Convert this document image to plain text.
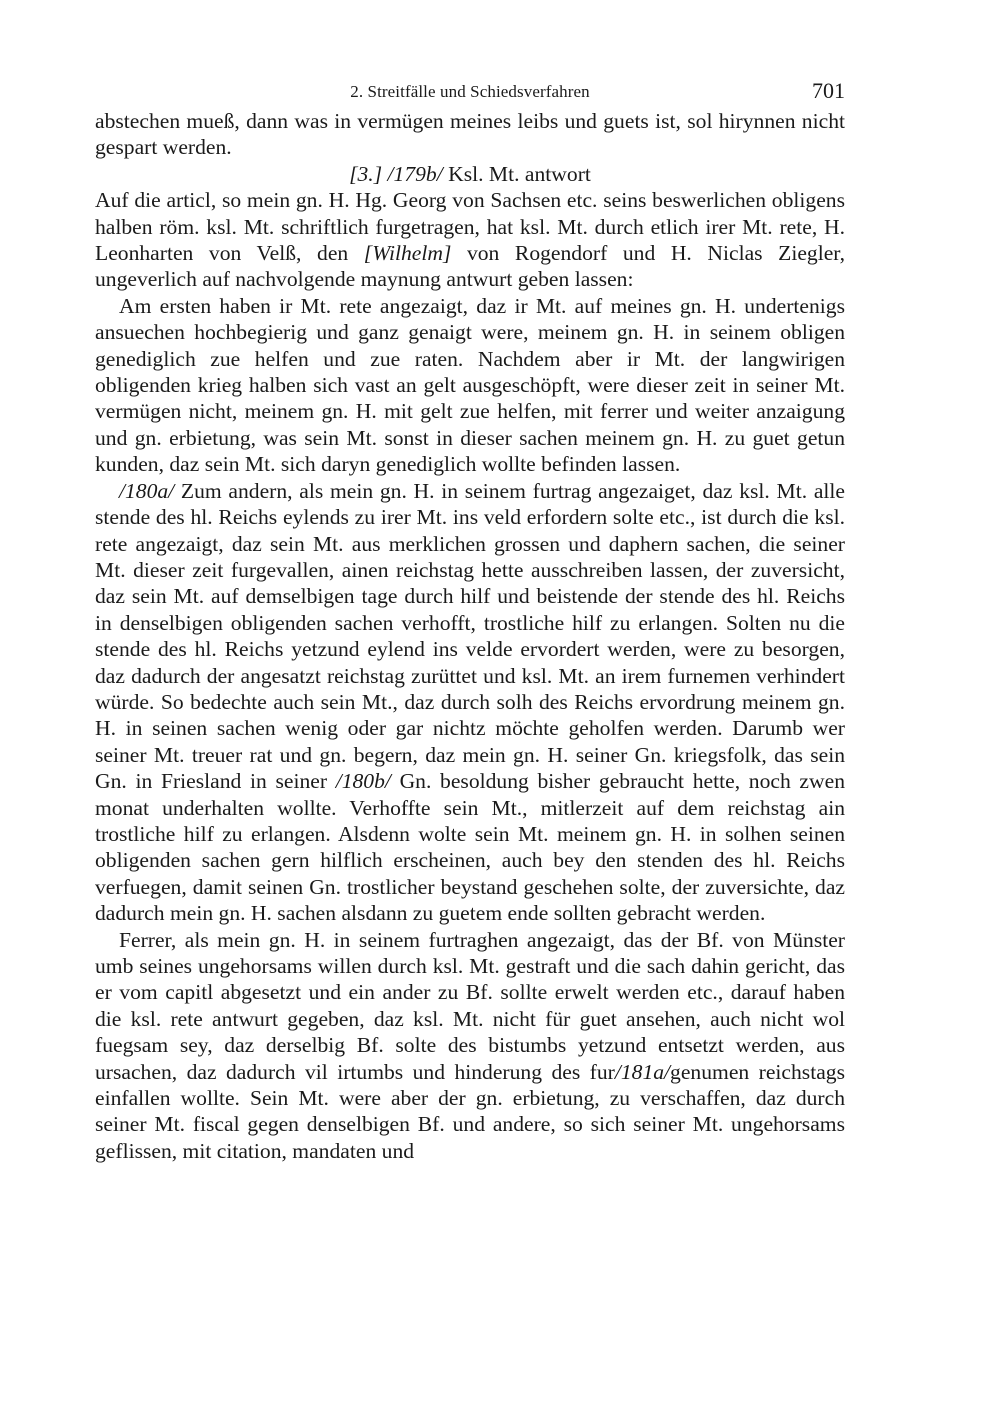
2. Streitfälle und Schiedsverfahren	701

abstechen mueß, dann was in vermügen meines leibs und guets ist, sol hirynnen nicht gespart werden.

[3.] /179b/ Ksl. Mt. antwort

Auf die articl, so mein gn. H. Hg. Georg von Sachsen etc. seins beswerlichen obligens halben röm. ksl. Mt. schriftlich furgetragen, hat ksl. Mt. durch etlich irer Mt. rete, H. Leonharten von Velß, den [Wilhelm] von Rogendorf und H. Niclas Ziegler, ungeverlich auf nachvolgende maynung antwurt geben lassen:

Am ersten haben ir Mt. rete angezaigt, daz ir Mt. auf meines gn. H. undertenigs ansuechen hochbegierig und ganz genaigt were, meinem gn. H. in seinem obligen genediglich zue helfen und zue raten. Nachdem aber ir Mt. der langwirigen obligenden krieg halben sich vast an gelt ausgeschöpft, were dieser zeit in seiner Mt. vermügen nicht, meinem gn. H. mit gelt zue helfen, mit ferrer und weiter anzaigung und gn. erbietung, was sein Mt. sonst in dieser sachen meinem gn. H. zu guet getun kunden, daz sein Mt. sich daryn genediglich wollte befinden lassen.

/180a/ Zum andern, als mein gn. H. in seinem furtrag angezaiget, daz ksl. Mt. alle stende des hl. Reichs eylends zu irer Mt. ins veld erfordern solte etc., ist durch die ksl. rete angezaigt, daz sein Mt. aus merklichen grossen und daphern sachen, die seiner Mt. dieser zeit furgevallen, ainen reichstag hette ausschreiben lassen, der zuversicht, daz sein Mt. auf demselbigen tage durch hilf und beistende der stende des hl. Reichs in denselbigen obligenden sachen verhofft, trostliche hilf zu erlangen. Solten nu die stende des hl. Reichs yetzund eylend ins velde ervordert werden, were zu besorgen, daz dadurch der angesatzt reichstag zurüttet und ksl. Mt. an irem furnemen verhindert würde. So bedechte auch sein Mt., daz durch solh des Reichs ervordrung meinem gn. H. in seinen sachen wenig oder gar nichtz möchte geholfen werden. Darumb wer seiner Mt. treuer rat und gn. begern, daz mein gn. H. seiner Gn. kriegsfolk, das sein Gn. in Friesland in seiner /180b/ Gn. besoldung bisher gebraucht hette, noch zwen monat underhalten wollte. Verhoffte sein Mt., mitlerzeit auf dem reichstag ain trostliche hilf zu erlangen. Alsdenn wolte sein Mt. meinem gn. H. in solhen seinen obligenden sachen gern hilflich erscheinen, auch bey den stenden des hl. Reichs verfuegen, damit seinen Gn. trostlicher beystand geschehen solte, der zuversichte, daz dadurch mein gn. H. sachen alsdann zu guetem ende sollten gebracht werden.

Ferrer, als mein gn. H. in seinem furtraghen angezaigt, das der Bf. von Münster umb seines ungehorsams willen durch ksl. Mt. gestraft und die sach dahin gericht, das er vom capitl abgesetzt und ein ander zu Bf. sollte erwelt werden etc., darauf haben die ksl. rete antwurt gegeben, daz ksl. Mt. nicht für guet ansehen, auch nicht wol fuegsam sey, daz derselbig Bf. solte des bistumbs yetzund entsetzt werden, aus ursachen, daz dadurch vil irtumbs und hinderung des fur/181a/genumen reichstags einfallen wollte. Sein Mt. were aber der gn. erbietung, zu verschaffen, daz durch seiner Mt. fiscal gegen denselbigen Bf. und andere, so sich seiner Mt. ungehorsams geflissen, mit citation, mandaten und
